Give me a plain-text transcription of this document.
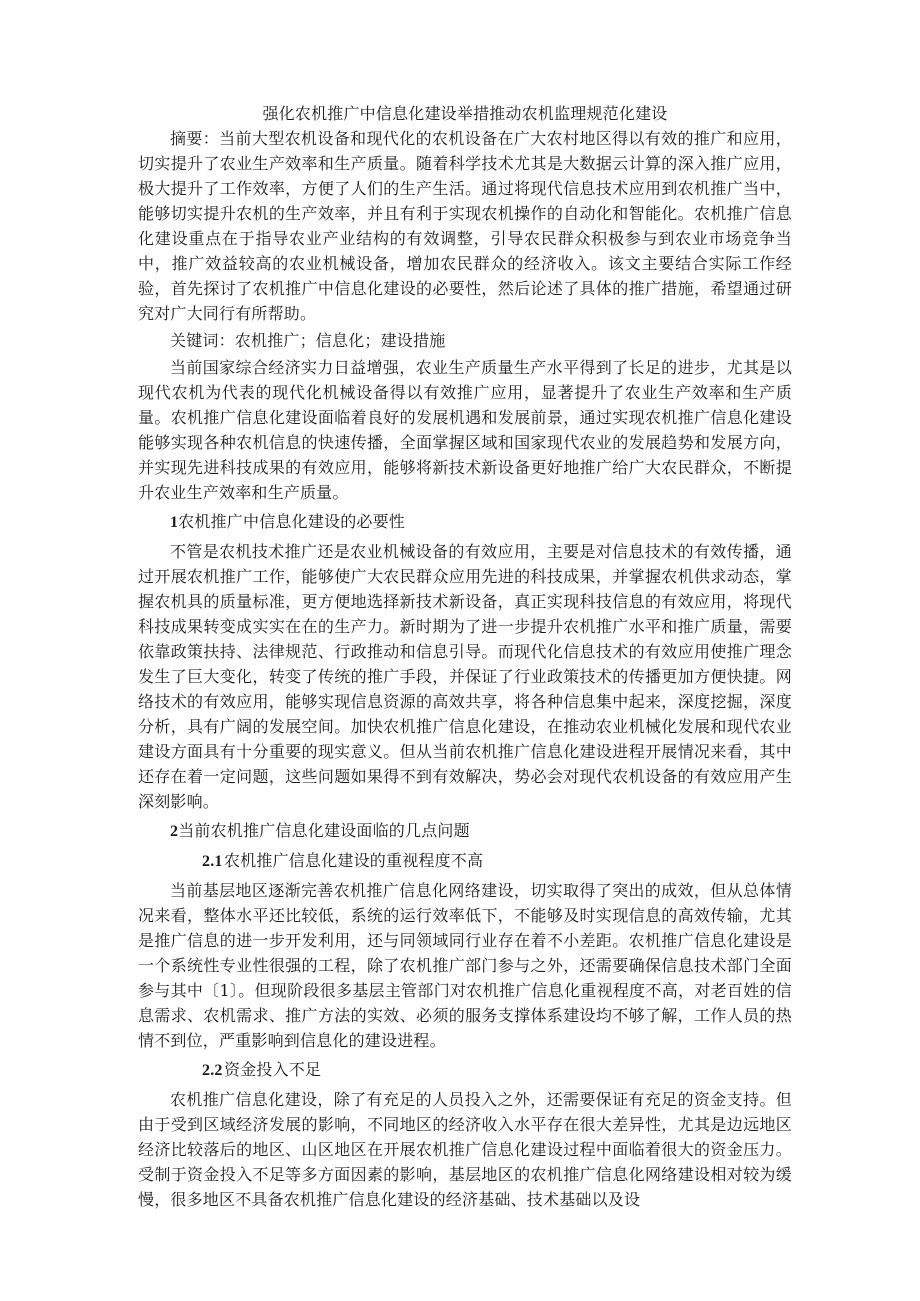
强化农机推广中信息化建设举措推动农机监理规范化建设

摘要：当前大型农机设备和现代化的农机设备在广大农村地区得以有效的推广和应用，切实提升了农业生产效率和生产质量。随着科学技术尤其是大数据云计算的深入推广应用，极大提升了工作效率，方便了人们的生产生活。通过将现代信息技术应用到农机推广当中，能够切实提升农机的生产效率，并且有利于实现农机操作的自动化和智能化。农机推广信息化建设重点在于指导农业产业结构的有效调整，引导农民群众积极参与到农业市场竞争当中，推广效益较高的农业机械设备，增加农民群众的经济收入。该文主要结合实际工作经验，首先探讨了农机推广中信息化建设的必要性，然后论述了具体的推广措施，希望通过研究对广大同行有所帮助。

关键词：农机推广；信息化；建设措施

当前国家综合经济实力日益增强，农业生产质量生产水平得到了长足的进步，尤其是以现代农机为代表的现代化机械设备得以有效推广应用，显著提升了农业生产效率和生产质量。农机推广信息化建设面临着良好的发展机遇和发展前景，通过实现农机推广信息化建设能够实现各种农机信息的快速传播，全面掌握区域和国家现代农业的发展趋势和发展方向，并实现先进科技成果的有效应用，能够将新技术新设备更好地推广给广大农民群众，不断提升农业生产效率和生产质量。

1农机推广中信息化建设的必要性

不管是农机技术推广还是农业机械设备的有效应用，主要是对信息技术的有效传播，通过开展农机推广工作，能够使广大农民群众应用先进的科技成果，并掌握农机供求动态，掌握农机具的质量标准，更方便地选择新技术新设备，真正实现科技信息的有效应用，将现代科技成果转变成实实在在的生产力。新时期为了进一步提升农机推广水平和推广质量，需要依靠政策扶持、法律规范、行政推动和信息引导。而现代化信息技术的有效应用使推广理念发生了巨大变化，转变了传统的推广手段，并保证了行业政策技术的传播更加方便快捷。网络技术的有效应用，能够实现信息资源的高效共享，将各种信息集中起来，深度挖掘，深度分析，具有广阔的发展空间。加快农机推广信息化建设，在推动农业机械化发展和现代农业建设方面具有十分重要的现实意义。但从当前农机推广信息化建设进程开展情况来看，其中还存在着一定问题，这些问题如果得不到有效解决，势必会对现代农机设备的有效应用产生深刻影响。

2当前农机推广信息化建设面临的几点问题

2.1农机推广信息化建设的重视程度不高

当前基层地区逐渐完善农机推广信息化网络建设，切实取得了突出的成效，但从总体情况来看，整体水平还比较低，系统的运行效率低下，不能够及时实现信息的高效传输，尤其是推广信息的进一步开发利用，还与同领域同行业存在着不小差距。农机推广信息化建设是一个系统性专业性很强的工程，除了农机推广部门参与之外，还需要确保信息技术部门全面参与其中〔1〕。但现阶段很多基层主管部门对农机推广信息化重视程度不高，对老百姓的信息需求、农机需求、推广方法的实效、必须的服务支撑体系建设均不够了解，工作人员的热情不到位，严重影响到信息化的建设进程。

2.2资金投入不足

农机推广信息化建设，除了有充足的人员投入之外，还需要保证有充足的资金支持。但由于受到区域经济发展的影响，不同地区的经济收入水平存在很大差异性，尤其是边远地区经济比较落后的地区、山区地区在开展农机推广信息化建设过程中面临着很大的资金压力。受制于资金投入不足等多方面因素的影响，基层地区的农机推广信息化网络建设相对较为缓慢，很多地区不具备农机推广信息化建设的经济基础、技术基础以及设
